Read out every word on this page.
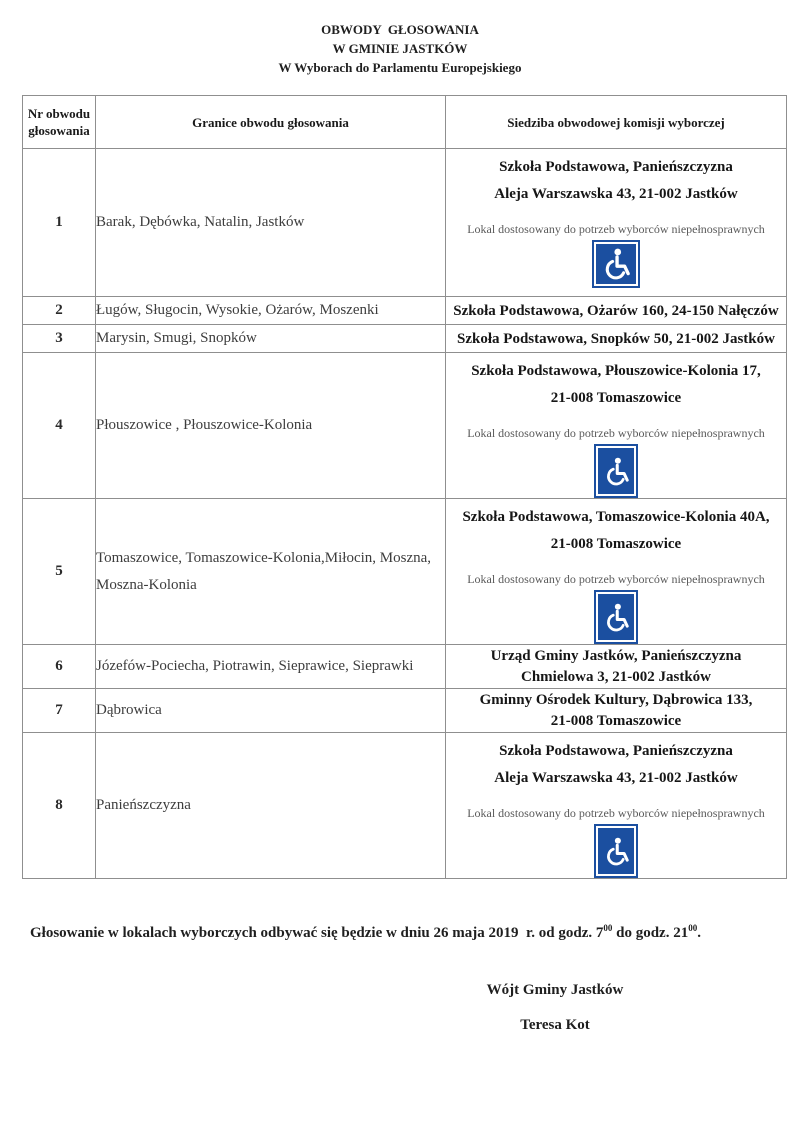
OBWODY  GŁOSOWANIA
W GMINIE JASTKÓW
W Wyborach do Parlamentu Europejskiego
Nr obwodu głosowania	Granice obwodu głosowania	Siedziba obwodowej komisji wyborczej
1	Barak, Dębówka, Natalin, Jastków	Szkoła Podstawowa, Panieńszczyzna
Aleja Warszawska 43, 21-002 Jastków
Lokal dostosowany do potrzeb wyborców niepełnosprawnych

2	Ługów, Sługocin, Wysokie, Ożarów, Moszenki	Szkoła Podstawowa, Ożarów 160, 24-150 Nałęczów

3	Marysin, Smugi, Snopków	Szkoła Podstawowa, Snopków 50, 21-002 Jastków

4	Płouszowice , Płouszowice-Kolonia	Szkoła Podstawowa, Płouszowice-Kolonia 17,
21-008 Tomaszowice
Lokal dostosowany do potrzeb wyborców niepełnosprawnych

5	Tomaszowice, Tomaszowice-Kolonia,Miłocin, Moszna, Moszna-Kolonia	Szkoła Podstawowa, Tomaszowice-Kolonia 40A,
21-008 Tomaszowice
Lokal dostosowany do potrzeb wyborców niepełnosprawnych

6	Józefów-Pociecha, Piotrawin, Sieprawice, Sieprawki	Urząd Gminy Jastków, Panieńszczyzna
Chmielowa 3, 21-002 Jastków

7	Dąbrowica	Gminny Ośrodek Kultury, Dąbrowica 133,
21-008 Tomaszowice

8	Panieńszczyzna	Szkoła Podstawowa, Panieńszczyzna
Aleja Warszawska 43, 21-002 Jastków
Lokal dostosowany do potrzeb wyborców niepełnosprawnych

Głosowanie w lokalach wyborczych odbywać się będzie w dniu 26 maja 2019  r. od godz. $7^{00}$ do godz. $21^{00}$.

Wójt Gminy Jastków
Teresa Kot
